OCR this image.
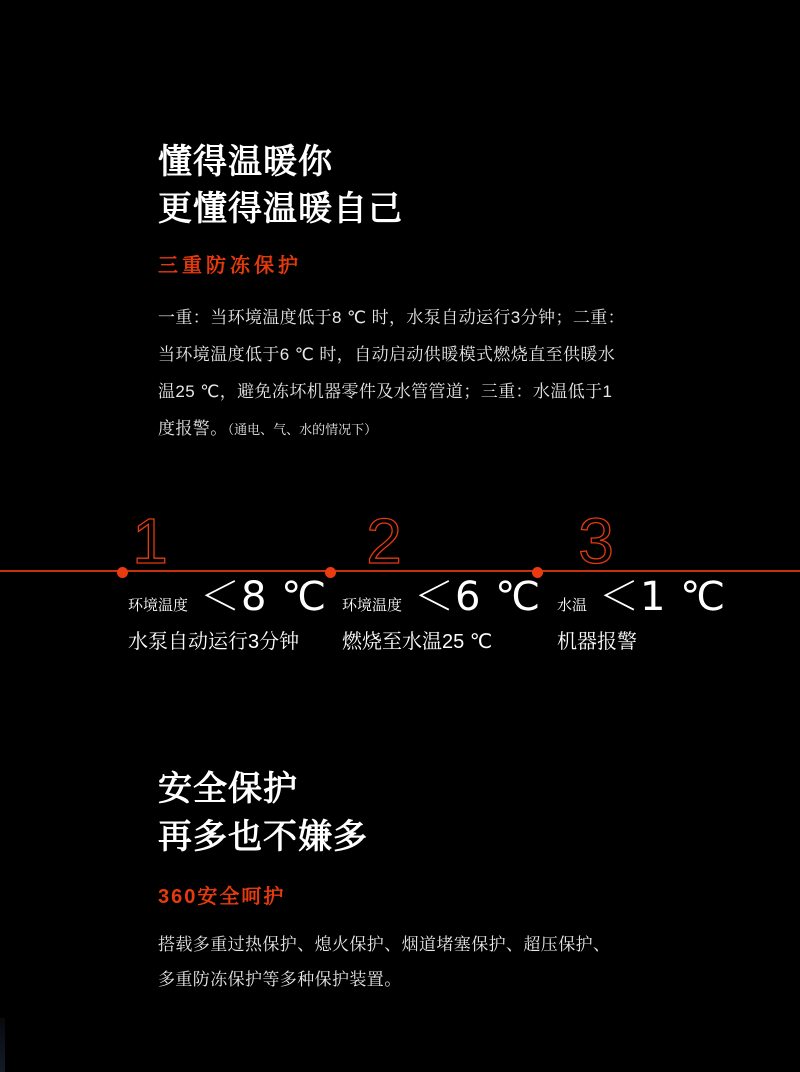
懂得温暖你
更懂得温暖自己
三重防冻保护
一重：当环境温度低于8 ℃ 时，水泵自动运行3分钟；二重：
当环境温度低于6 ℃ 时，自动启动供暖模式燃烧直至供暖水
温25 ℃，避免冻坏机器零件及水管管道；三重：水温低于1
度报警。（通电、气、水的情况下）
1	2	3
环境温度 ＜8 ℃
水泵自动运行3分钟
环境温度 ＜6 ℃
燃烧至水温25 ℃
水温 ＜1 ℃
机器报警
安全保护
再多也不嫌多
360安全呵护
搭载多重过热保护、熄火保护、烟道堵塞保护、超压保护、
多重防冻保护等多种保护装置。
